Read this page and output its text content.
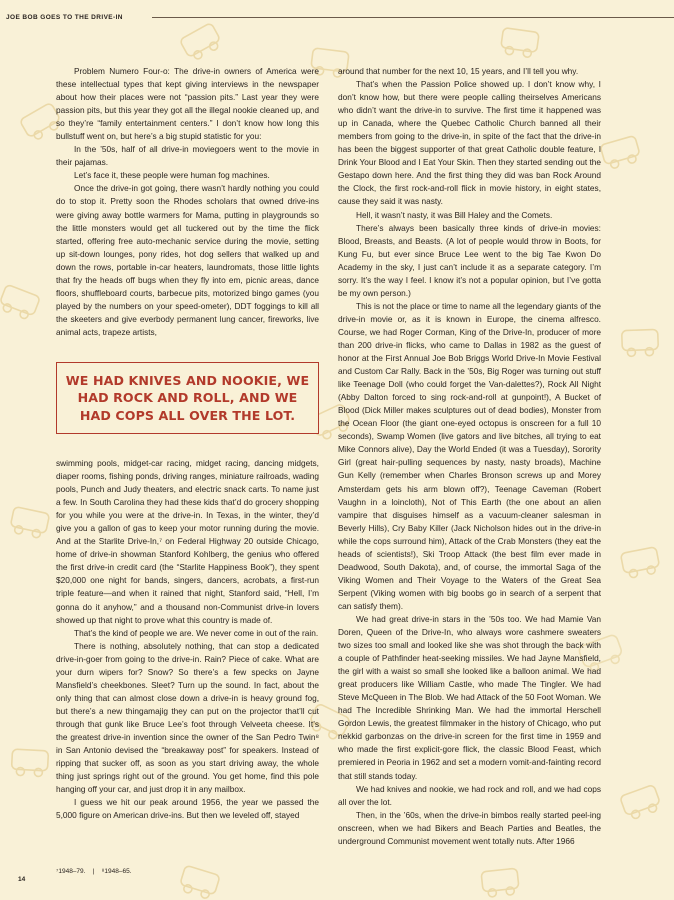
JOE BOB GOES TO THE DRIVE-IN

Problem Numero Four-o: The drive-in owners of America were these intellectual types that kept giving interviews in the newspaper about how their places were not “passion pits.” Last year they were passion pits, but this year they got all the illegal nookie cleaned up, and so they’re “family entertainment centers.” I don’t know how long this bullstuff went on, but here’s a big stupid statistic for you:

In the ’50s, half of all drive-in moviegoers went to the movie in their pajamas.

Let’s face it, these people were human fog machines.

Once the drive-in got going, there wasn’t hardly nothing you could do to stop it. Pretty soon the Rhodes scholars that owned drive-ins were giving away bottle warmers for Mama, putting in playgrounds so the little monsters would get all tuckered out by the time the flick started, offering free auto-mechanic service during the movie, setting up sit-down lounges, pony rides, hot dog sellers that walked up and down the rows, portable in-car heaters, laundromats, those little lights that fry the heads off bugs when they fly into em, picnic areas, dance floors, shuffleboard courts, barbecue pits, motorized bingo games (you played by the numbers on your speed-ometer), DDT foggings to kill all the skeeters and give everbody permanent lung cancer, fireworks, live animal acts, trapeze artists,

WE HAD KNIVES AND NOOKIE, WE HAD ROCK AND ROLL, AND WE HAD COPS ALL OVER THE LOT.

swimming pools, midget-car racing, midget racing, dancing midgets, diaper rooms, fishing ponds, driving ranges, miniature railroads, wading pools, Punch and Judy theaters, and electric snack carts. To name just a few. In South Carolina they had these kids that’d do grocery shopping for you while you were at the drive-in. In Texas, in the winter, they’d give you a gallon of gas to keep your motor running during the movie. And at the Starlite Drive-In,⁷ on Federal Highway 20 outside Chicago, home of drive-in showman Stanford Kohlberg, the genius who offered the first drive-in credit card (the “Starlite Happiness Book”), they spent $20,000 one night for bands, singers, dancers, acrobats, a first-run triple feature—and when it rained that night, Stanford said, “Hell, I’m gonna do it anyhow,” and a thousand non-Communist drive-in lovers showed up that night to prove what this country is made of.

That’s the kind of people we are. We never come in out of the rain.

There is nothing, absolutely nothing, that can stop a dedicated drive-in-goer from going to the drive-in. Rain? Piece of cake. What are your durn wipers for? Snow? So there’s a few specks on Jayne Mansfield’s cheekbones. Sleet? Turn up the sound. In fact, about the only thing that can almost close down a drive-in is heavy ground fog, but there’s a new thingamajig they can put on the projector that’ll cut through that gunk like Bruce Lee’s foot through Velveeta cheese. It’s the greatest drive-in invention since the owner of the San Pedro Twin⁸ in San Antonio devised the “breakaway post” for speakers. Instead of ripping that sucker off, as soon as you start driving away, the whole thing just springs right out of the ground. You get home, find this pole hanging off your car, and just drop it in any mailbox.

I guess we hit our peak around 1956, the year we passed the 5,000 figure on American drive-ins. But then we leveled off, stayed

around that number for the next 10, 15 years, and I’ll tell you why.

That’s when the Passion Police showed up. I don’t know why, I don’t know how, but there were people calling theirselves Americans who didn’t want the drive-in to survive. The first time it happened was up in Canada, where the Quebec Catholic Church banned all their members from going to the drive-in, in spite of the fact that the drive-in has been the biggest supporter of that great Catholic double feature, I Drink Your Blood and I Eat Your Skin. Then they started sending out the Gestapo down here. And the first thing they did was ban Rock Around the Clock, the first rock-and-roll flick in movie history, in eight states, cause they said it was nasty.

Hell, it wasn’t nasty, it was Bill Haley and the Comets.

There’s always been basically three kinds of drive-in movies: Blood, Breasts, and Beasts. (A lot of people would throw in Boots, for Kung Fu, but ever since Bruce Lee went to the big Tae Kwon Do Academy in the sky, I just can’t include it as a separate category. I’m sorry. It’s the way I feel. I know it’s not a popular opinion, but I’ve gotta be my own person.)

This is not the place or time to name all the legendary giants of the drive-in movie or, as it is known in Europe, the cinema alfresco. Course, we had Roger Corman, King of the Drive-In, producer of more than 200 drive-in flicks, who came to Dallas in 1982 as the guest of honor at the First Annual Joe Bob Briggs World Drive-In Movie Festival and Custom Car Rally. Back in the ’50s, Big Roger was turning out stuff like Teenage Doll (who could forget the Van-dalettes?), Rock All Night (Abby Dalton forced to sing rock-and-roll at gunpoint!), A Bucket of Blood (Dick Miller makes sculptures out of dead bodies), Monster from the Ocean Floor (the giant one-eyed octopus is onscreen for a full 10 seconds), Swamp Women (live gators and live bitches, all trying to eat Mike Connors alive), Day the World Ended (it was a Tuesday), Sorority Girl (great hair-pulling sequences by nasty, nasty broads), Machine Gun Kelly (remember when Charles Bronson screws up and Morey Amsterdam gets his arm blown off?), Teenage Caveman (Robert Vaughn in a loincloth), Not of This Earth (the one about an alien vampire that disguises himself as a vacuum-cleaner salesman in Beverly Hills), Cry Baby Killer (Jack Nicholson hides out in the drive-in while the cops surround him), Attack of the Crab Monsters (they eat the heads of scientists!), Ski Troop Attack (the best film ever made in Deadwood, South Dakota), and, of course, the immortal Saga of the Viking Women and Their Voyage to the Waters of the Great Sea Serpent (Viking women with big boobs go in search of a serpent that can satisfy them).

We had great drive-in stars in the ’50s too. We had Mamie Van Doren, Queen of the Drive-In, who always wore cashmere sweaters two sizes too small and looked like she was shot through the back with a couple of Pathfinder heat-seeking missiles. We had Jayne Mansfield, the girl with a waist so small she looked like a balloon animal. We had great producers like William Castle, who made The Tingler. We had Steve McQueen in The Blob. We had Attack of the 50 Foot Woman. We had The Incredible Shrinking Man. We had the immortal Herschell Gordon Lewis, the greatest filmmaker in the history of Chicago, who put nekkid garbonzas on the drive-in screen for the first time in 1959 and who made the first explicit-gore flick, the classic Blood Feast, which premiered in Peoria in 1962 and set a modern vomit-and-fainting record that still stands today.

We had knives and nookie, we had rock and roll, and we had cops all over the lot.

Then, in the ’60s, when the drive-in bimbos really started peel-ing onscreen, when we had Bikers and Beach Parties and Beatles, the underground Communist movement went totally nuts. After 1966

14
⁷1948–79. | ⁸1948–65.
